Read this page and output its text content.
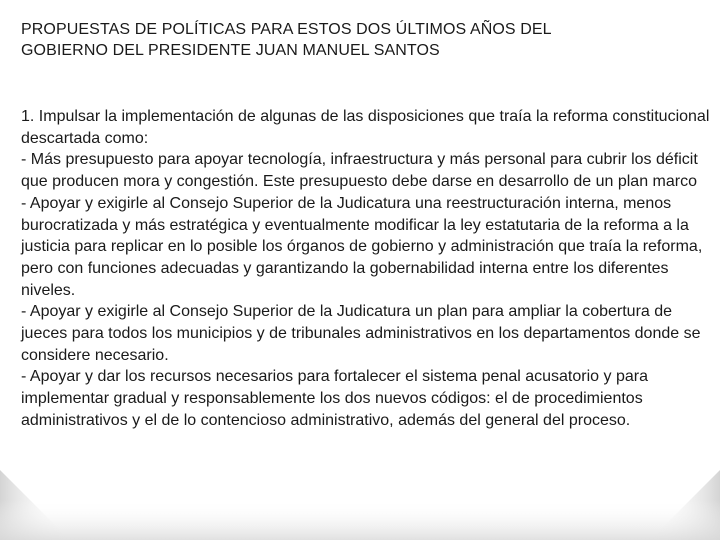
PROPUESTAS DE POLÍTICAS PARA ESTOS DOS ÚLTIMOS AÑOS DEL
GOBIERNO DEL PRESIDENTE JUAN MANUEL SANTOS

1. Impulsar la implementación de algunas de las disposiciones que traía la reforma constitucional descartada como:

- Más presupuesto para apoyar tecnología, infraestructura y más personal para cubrir los déficit que producen mora y congestión. Este presupuesto debe darse en desarrollo de un plan marco

- Apoyar y exigirle al Consejo Superior de la Judicatura una reestructuración interna, menos burocratizada y más estratégica y eventualmente modificar la ley estatutaria de la reforma a la justicia para replicar en lo posible los órganos de gobierno y administración que traía la reforma, pero con funciones adecuadas y garantizando la gobernabilidad interna entre los diferentes niveles.

- Apoyar y exigirle al Consejo Superior de la Judicatura un plan para ampliar la cobertura de jueces para todos los municipios y de tribunales administrativos en los departamentos donde se considere necesario.

- Apoyar y dar los recursos necesarios para fortalecer el sistema penal acusatorio y para implementar gradual y responsablemente los dos nuevos códigos: el de procedimientos administrativos y el de lo contencioso administrativo, además del general del proceso.
